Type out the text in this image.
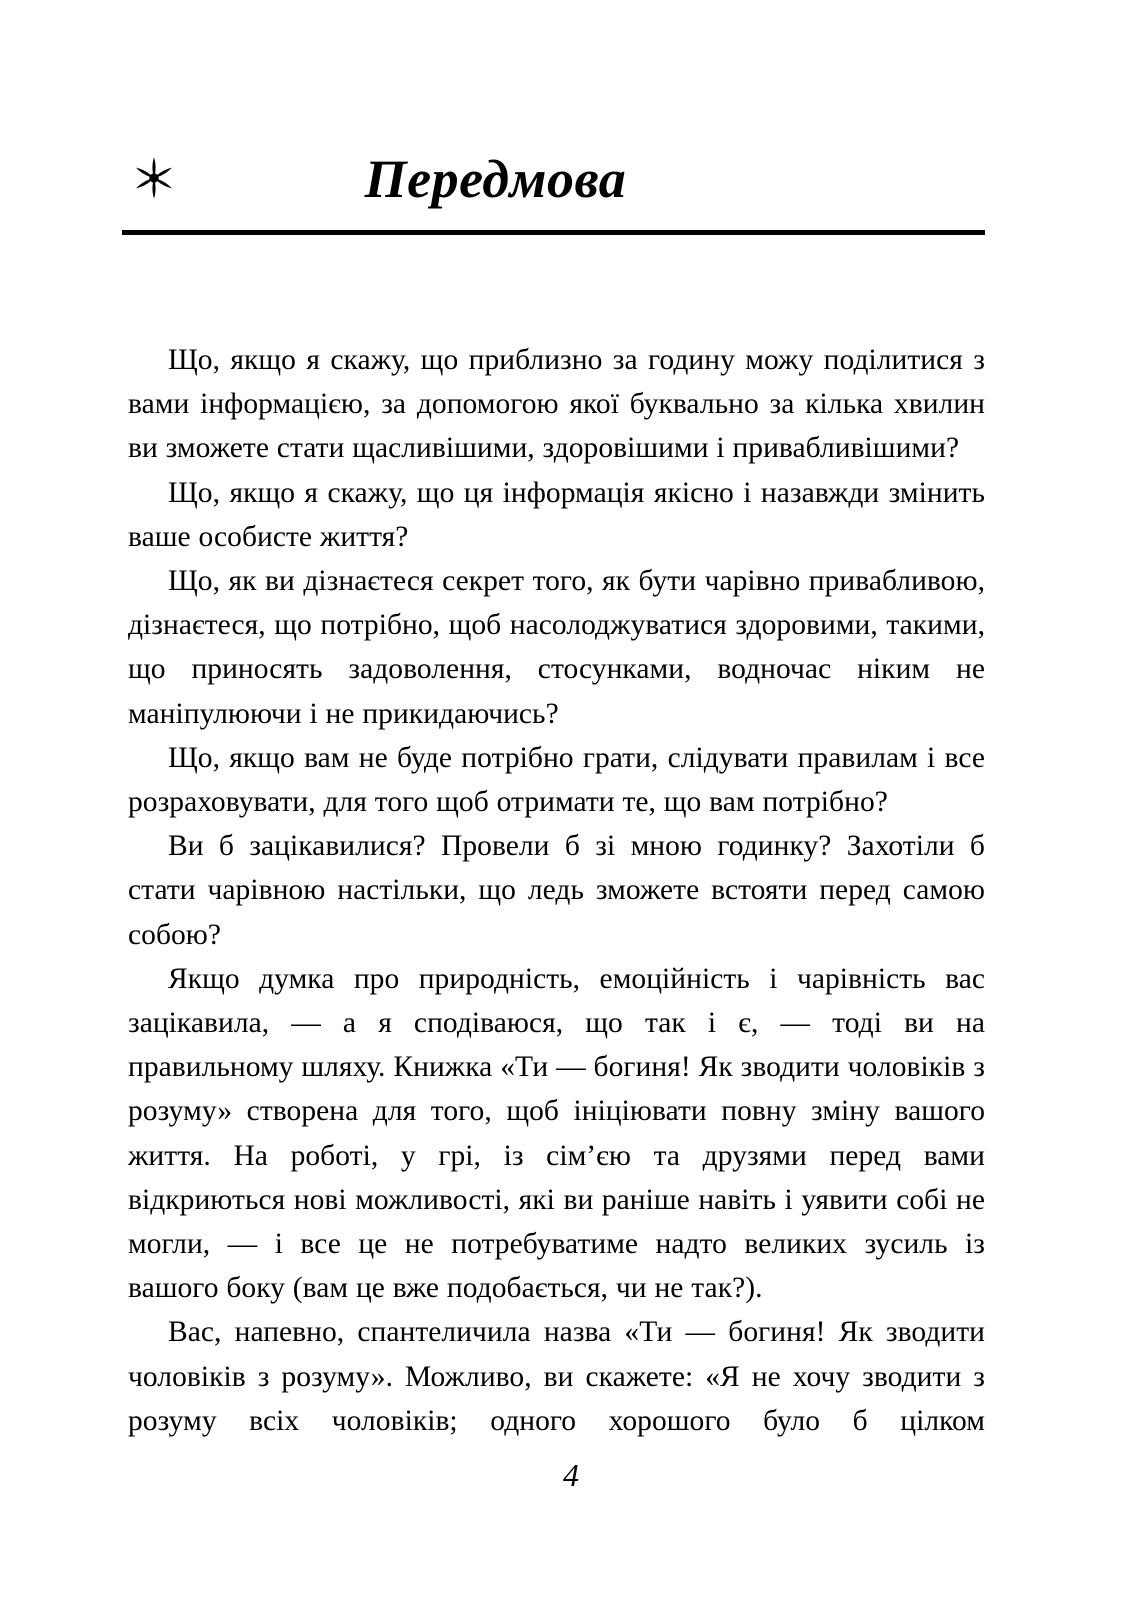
Передмова

Що, якщо я скажу, що приблизно за годину можу поділитися з вами інформацією, за допомогою якої буквально за кілька хвилин ви зможете стати щасливішими, здоровішими і привабливішими?

Що, якщо я скажу, що ця інформація якісно і назавжди змінить ваше особисте життя?

Що, як ви дізнаєтеся секрет того, як бути чарівно привабливою, дізнаєтеся, що потрібно, щоб насолоджуватися здоровими, такими, що приносять задоволення, стосунками, водночас ніким не маніпулюючи і не прикидаючись?

Що, якщо вам не буде потрібно грати, слідувати правилам і все розраховувати, для того щоб отримати те, що вам потрібно?

Ви б зацікавилися? Провели б зі мною годинку? Захотіли б стати чарівною настільки, що ледь зможете встояти перед самою собою?

Якщо думка про природність, емоційність і чарівність вас зацікавила, — а я сподіваюся, що так і є, — тоді ви на правильному шляху. Книжка «Ти — богиня! Як зводити чоловіків з розуму» створена для того, щоб ініціювати повну зміну вашого життя. На роботі, у грі, із сім’єю та друзями перед вами відкриються нові можливості, які ви раніше навіть і уявити собі не могли, — і все це не потребуватиме надто великих зусиль із вашого боку (вам це вже подобається, чи не так?).

Вас, напевно, спантеличила назва «Ти — богиня! Як зводити чоловіків з розуму». Можливо, ви скажете: «Я не хочу зводити з розуму всіх чоловіків; одного хорошого було б цілком

4
